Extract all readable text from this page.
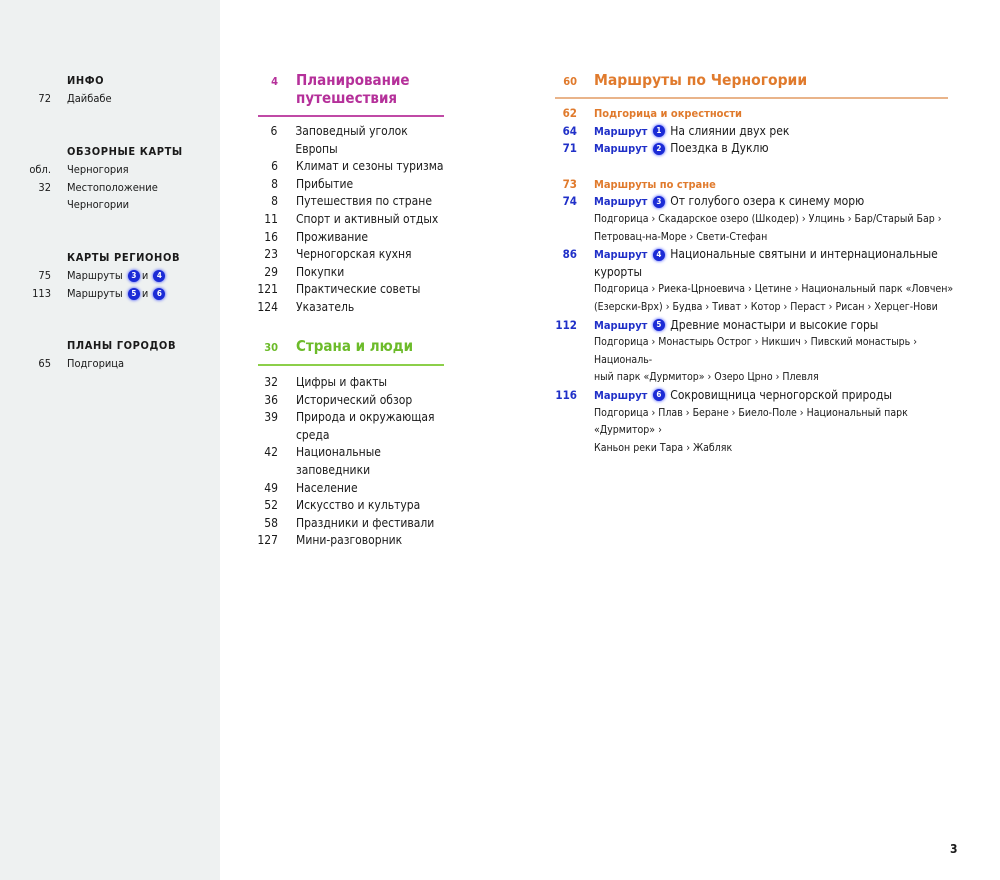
ИНФО
72 Дайбабе
ОБЗОРНЫЕ КАРТЫ
обл. Черногория
32 Местоположение
Черногории
КАРТЫ РЕГИОНОВ
75 Маршруты 3 и 4
113 Маршруты 5 и 6
ПЛАНЫ ГОРОДОВ
65 Подгорица
4 Планирование
путешествия
6 Заповедный уголок Европы
6 Климат и сезоны туризма
8 Прибытие
8 Путешествия по стране
11 Спорт и активный отдых
16 Проживание
23 Черногорская кухня
29 Покупки
121 Практические советы
124 Указатель
30 Страна и люди
32 Цифры и факты
36 Исторический обзор
39 Природа и окружающая
среда
42 Национальные
заповедники
49 Население
52 Искусство и культура
58 Праздники и фестивали
127 Мини-разговорник
60 Маршруты по Черногории
62 Подгорица и окрестности
64 Маршрут 1 На слиянии двух рек
71 Маршрут 2 Поездка в Дуклю
73 Маршруты по стране
74 Маршрут 3 От голубого озера к синему морю
Подгорица › Скадарское озеро (Шкодер) › Улцинь › Бар/Старый Бар ›
Петровац-на-Море › Свети-Стефан
86 Маршрут 4 Национальные святыни и интернациональные
курорты
Подгорица › Риека-Црноевича › Цетине › Национальный парк «Ловчен»
(Езерски-Врх) › Будва › Тиват › Котор › Пераст › Рисан › Херцег-Нови
112 Маршрут 5 Древние монастыри и высокие горы
Подгорица › Монастырь Острог › Никшич › Пивский монастырь › Националь-
ный парк «Дурмитор» › Озеро Црно › Плевля
116 Маршрут 6 Сокровищница черногорской природы
Подгорица › Плав › Беране › Биело-Поле › Национальный парк «Дурмитор» ›
Каньон реки Тара › Жабляк
3
